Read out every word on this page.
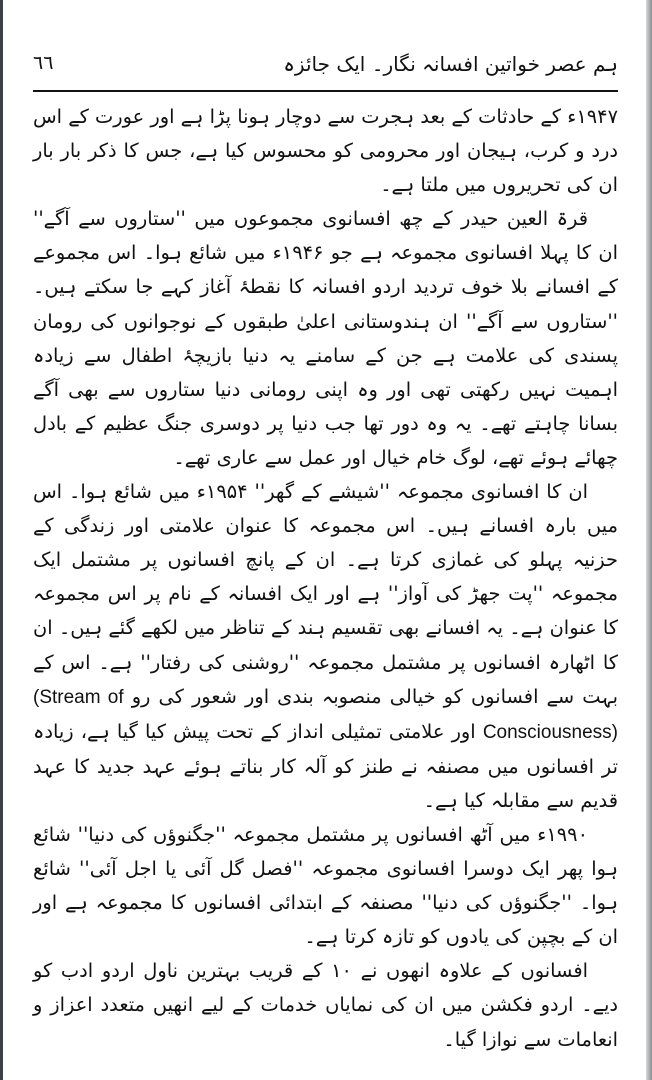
ہم عصر خواتین افسانہ نگار۔ ایک جائزہ
٦٦

۱۹۴۷ء کے حادثات کے بعد ہجرت سے دوچار ہونا پڑا ہے اور عورت کے اس درد و کرب، ہیجان اور محرومی کو محسوس کیا ہے، جس کا ذکر بار بار ان کی تحریروں میں ملتا ہے۔

قرۃ العین حیدر کے چھ افسانوی مجموعوں میں ''ستاروں سے آگے'' ان کا پہلا افسانوی مجموعہ ہے جو ۱۹۴۶ء میں شائع ہوا۔ اس مجموعے کے افسانے بلا خوف تردید اردو افسانہ کا نقطۂ آغاز کہے جا سکتے ہیں۔ ''ستاروں سے آگے'' ان ہندوستانی اعلیٰ طبقوں کے نوجوانوں کی رومان پسندی کی علامت ہے جن کے سامنے یہ دنیا بازیچۂ اطفال سے زیادہ اہمیت نہیں رکھتی تھی اور وہ اپنی رومانی دنیا ستاروں سے بھی آگے بسانا چاہتے تھے۔ یہ وہ دور تھا جب دنیا پر دوسری جنگ عظیم کے بادل چھائے ہوئے تھے، لوگ خام خیال اور عمل سے عاری تھے۔

ان کا افسانوی مجموعہ ''شیشے کے گھر'' ۱۹۵۴ء میں شائع ہوا۔ اس میں بارہ افسانے ہیں۔ اس مجموعہ کا عنوان علامتی اور زندگی کے حزنیہ پہلو کی غمازی کرتا ہے۔ ان کے پانچ افسانوں پر مشتمل ایک مجموعہ ''پت جھڑ کی آواز'' ہے اور ایک افسانہ کے نام پر اس مجموعہ کا عنوان ہے۔ یہ افسانے بھی تقسیم ہند کے تناظر میں لکھے گئے ہیں۔ ان کا اٹھارہ افسانوں پر مشتمل مجموعہ ''روشنی کی رفتار'' ہے۔ اس کے بہت سے افسانوں کو خیالی منصوبہ بندی اور شعور کی رو (Stream of Consciousness) اور علامتی تمثیلی انداز کے تحت پیش کیا گیا ہے، زیادہ تر افسانوں میں مصنفہ نے طنز کو آلہ کار بناتے ہوئے عہد جدید کا عہد قدیم سے مقابلہ کیا ہے۔

۱۹۹۰ء میں آٹھ افسانوں پر مشتمل مجموعہ ''جگنوؤں کی دنیا'' شائع ہوا پھر ایک دوسرا افسانوی مجموعہ ''فصل گل آئی یا اجل آئی'' شائع ہوا۔ ''جگنوؤں کی دنیا'' مصنفہ کے ابتدائی افسانوں کا مجموعہ ہے اور ان کے بچپن کی یادوں کو تازہ کرتا ہے۔

افسانوں کے علاوہ انھوں نے ۱۰ کے قریب بہترین ناول اردو ادب کو دیے۔ اردو فکشن میں ان کی نمایاں خدمات کے لیے انھیں متعدد اعزاز و انعامات سے نوازا گیا۔
